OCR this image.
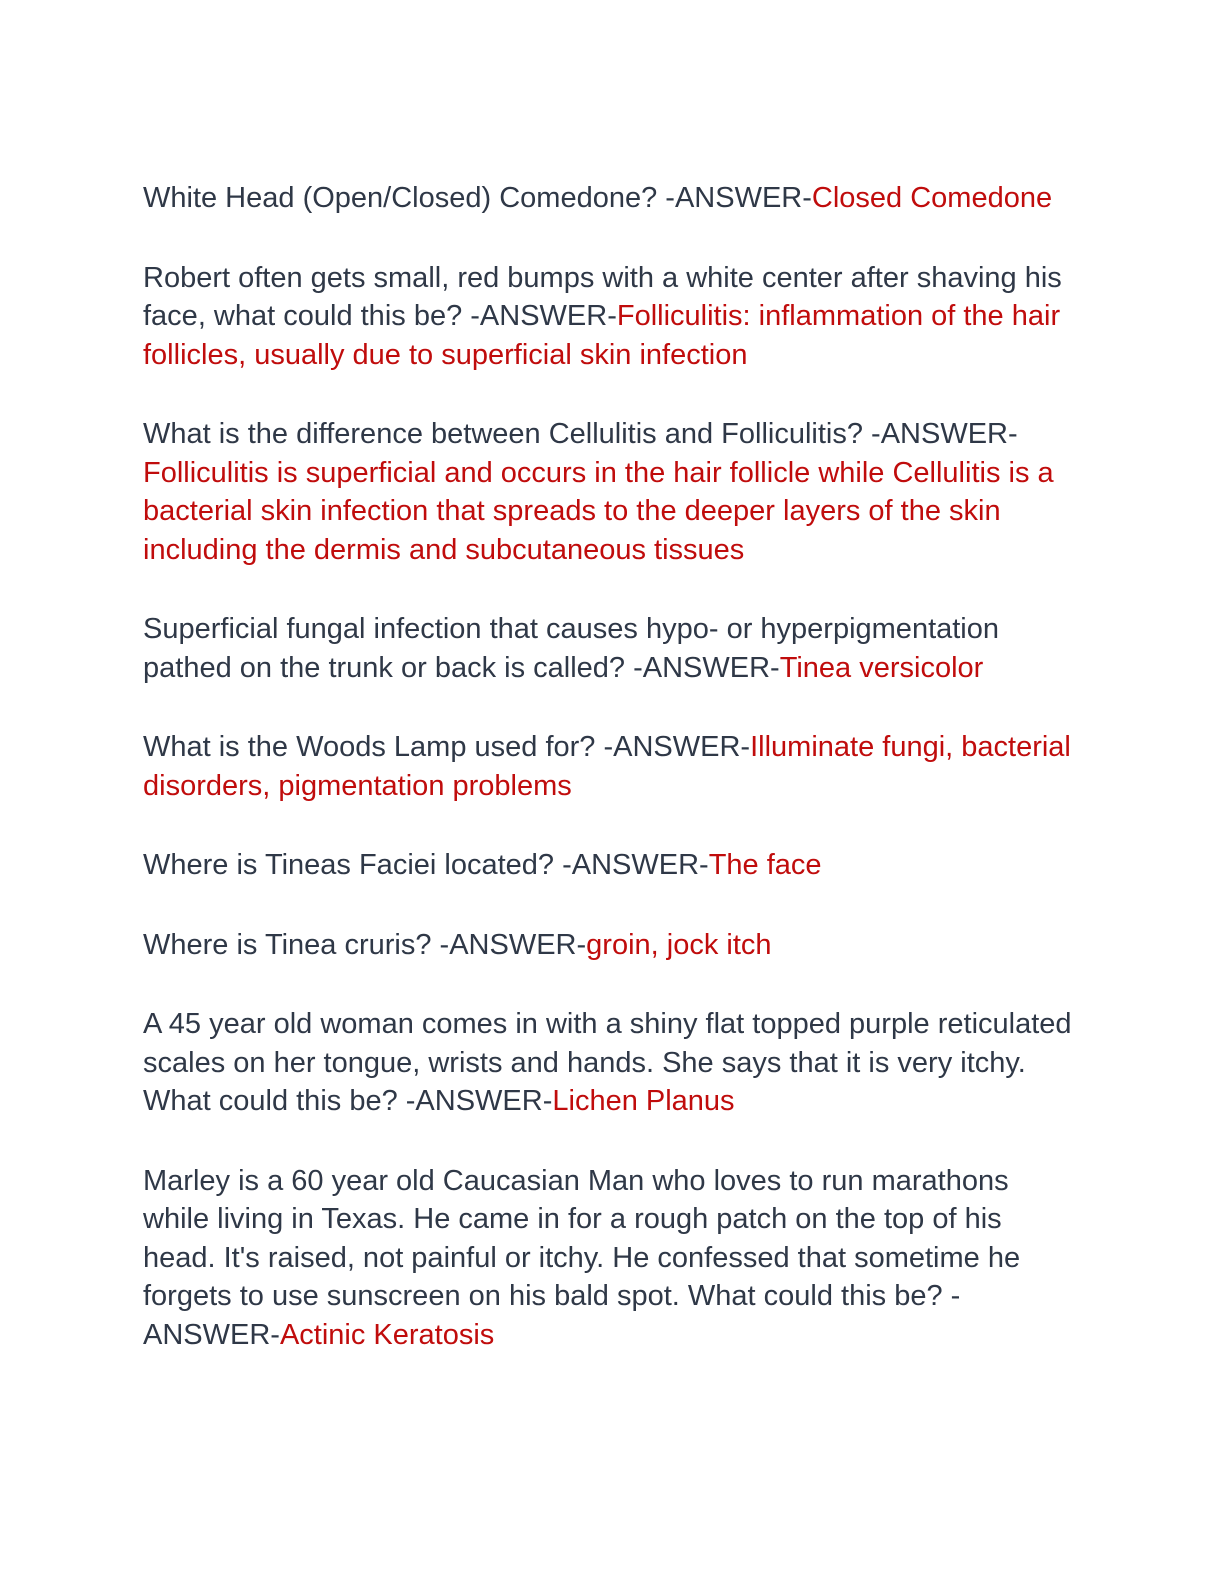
White Head (Open/Closed) Comedone? -ANSWER-Closed Comedone

Robert often gets small, red bumps with a white center after shaving his face, what could this be? -ANSWER-Folliculitis: inflammation of the hair follicles, usually due to superficial skin infection

What is the difference between Cellulitis and Folliculitis? -ANSWER-Folliculitis is superficial and occurs in the hair follicle while Cellulitis is a bacterial skin infection that spreads to the deeper layers of the skin including the dermis and subcutaneous tissues

Superficial fungal infection that causes hypo- or hyperpigmentation pathed on the trunk or back is called? -ANSWER-Tinea versicolor

What is the Woods Lamp used for? -ANSWER-Illuminate fungi, bacterial disorders, pigmentation problems

Where is Tineas Faciei located? -ANSWER-The face

Where is Tinea cruris? -ANSWER-groin, jock itch

A 45 year old woman comes in with a shiny flat topped purple reticulated scales on her tongue, wrists and hands. She says that it is very itchy. What could this be? -ANSWER-Lichen Planus

Marley is a 60 year old Caucasian Man who loves to run marathons while living in Texas. He came in for a rough patch on the top of his head. It's raised, not painful or itchy. He confessed that sometime he forgets to use sunscreen on his bald spot. What could this be? -ANSWER-Actinic Keratosis
